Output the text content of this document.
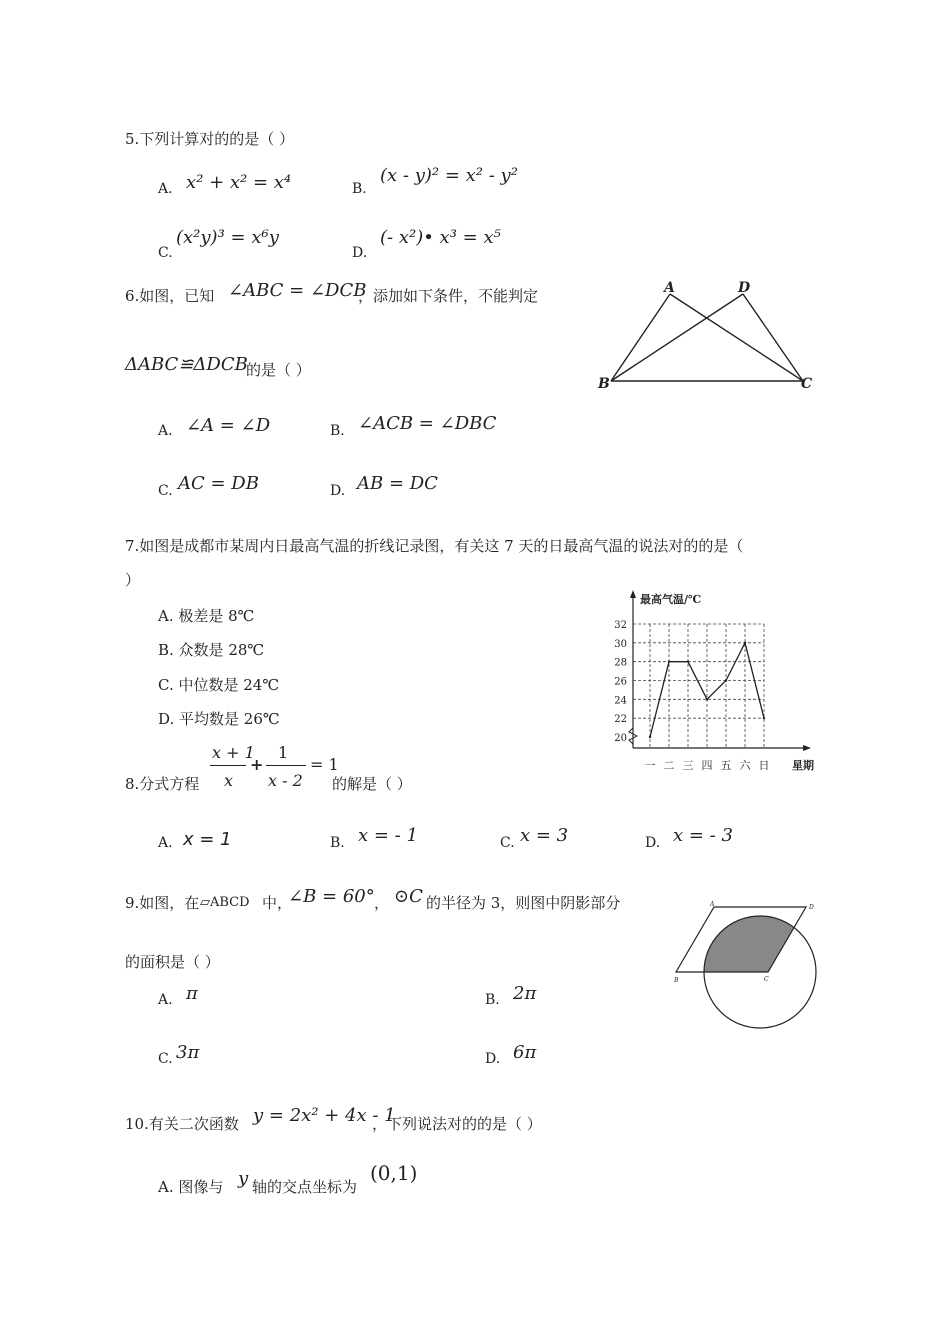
5.下列计算对的的是（ ）
A. x² + x² = x⁴	B.
(x - y)² = x² - y²
C.
(x²y)³ = x⁶y
D.
(- x²)• x³ = x⁵
6.如图，已知 ∠ABC = ∠DCB
，添加如下条件，不能判定
ΔABC≌ΔDCB
的是（ ）
A. ∠A = ∠D	B. ∠ACB = ∠DBC
C. AC = DB	D. AB = DC
A	D
B	C
7.如图是成都市某周内日最高气温的折线记录图，有关这 7 天的日最高气温的说法对的的是（
）
A. 极差是 8℃
B. 众数是 28℃
C. 中位数是 24℃
D. 平均数是 26℃
20
22
24
26
28
30
32
一 二 三 四 五 六 日
最高气温/℃
星期
8.分式方程
x + 1
x
+
1
x - 2
= 1
的解是（ ）
A. x = 1	B. x = - 1	C. x = 3	D. x = - 3
9.如图，在 ▱ABCD 中，
∠B = 60° ， ⊙C 的半径为 3，则图中阴影部分
的面积是（ ）
A. π	B. 2π
C. 3π	D. 6π
A	D
B	C
10.有关二次函数 y = 2x² + 4x - 1
，下列说法对的的是（ ）
A. 图像与 y 轴的交点坐标为
(0,1)
